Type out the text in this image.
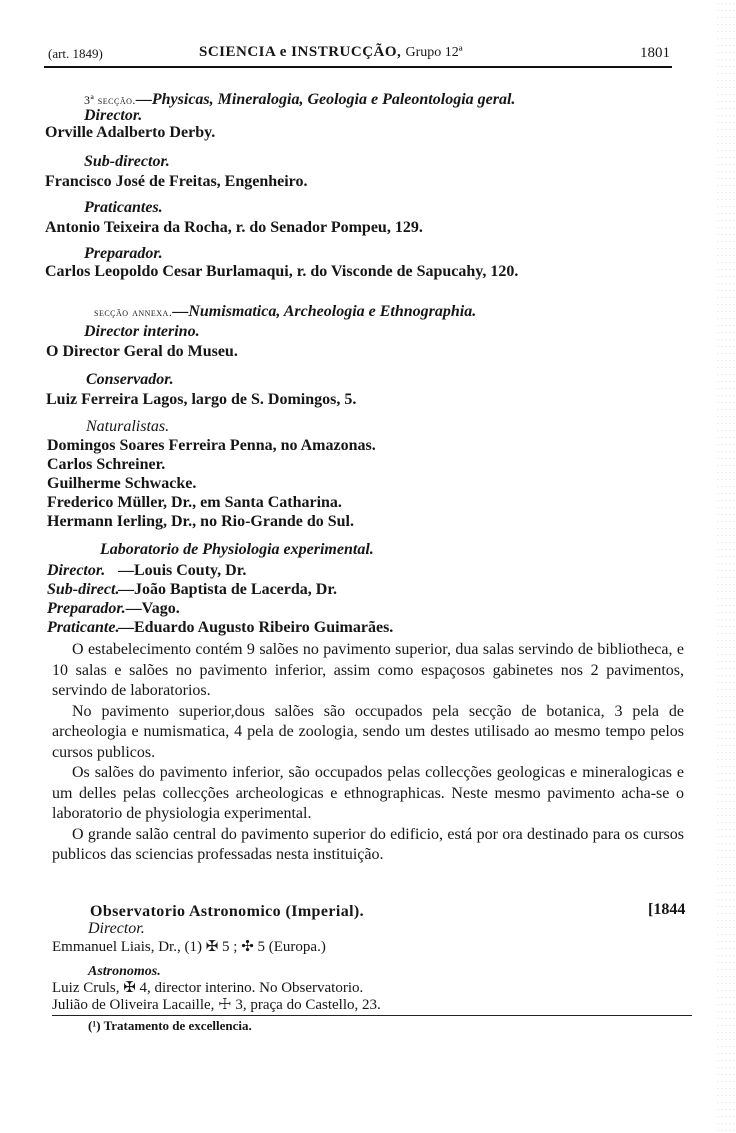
(art. 1849)	SCIENCIA e INSTRUCÇÃO, Grupo 12ª	1801
3ª secção.—Physicas, Mineralogia, Geologia e Paleontologia geral.
Director.
Orville Adalberto Derby.
Sub-director.
Francisco José de Freitas, Engenheiro.
Praticantes.
Antonio Teixeira da Rocha, r. do Senador Pompeu, 129.
Preparador.
Carlos Leopoldo Cesar Burlamaqui, r. do Visconde de Sapucahy, 120.
secção annexa.—Numismatica, Archeologia e Ethnographia.
Director interino.
O Director Geral do Museu.
Conservador.
Luiz Ferreira Lagos, largo de S. Domingos, 5.
Naturalistas.
Domingos Soares Ferreira Penna, no Amazonas.
Carlos Schreiner.
Guilherme Schwacke.
Frederico Müller, Dr., em Santa Catharina.
Hermann Ierling, Dr., no Rio-Grande do Sul.
Laboratorio de Physiologia experimental.
Director. —Louis Couty, Dr.
Sub-direct.—João Baptista de Lacerda, Dr.
Preparador.—Vago.
Praticante.—Eduardo Augusto Ribeiro Guimarães.

O estabelecimento contém 9 salões no pavimento superior, dua salas servindo de bibliotheca, e 10 salas e salões no pavimento inferior, assim como espaçosos gabinetes nos 2 pavimentos, servindo de laboratorios.

No pavimento superior,dous salões são occupados pela secção de botanica, 3 pela de archeologia e numismatica, 4 pela de zoologia, sendo um destes utilisado ao mesmo tempo pelos cursos publicos.

Os salões do pavimento inferior, são occupados pelas collecções geologicas e mineralogicas e um delles pelas collecções archeologicas e ethnographicas. Neste mesmo pavimento acha-se o laboratorio de physiologia experimental.

O grande salão central do pavimento superior do edificio, está por ora destinado para os cursos publicos das sciencias professadas nesta instituição.

Observatorio Astronomico (Imperial).	[1844
Director.
Emmanuel Liais, Dr., (1) ✠ 5 ; ✣ 5 (Europa.)
Astronomos.
Luiz Cruls, ✠ 4, director interino. No Observatorio.
Julião de Oliveira Lacaille, ☩ 3, praça do Castello, 23.
(¹) Tratamento de excellencia.
